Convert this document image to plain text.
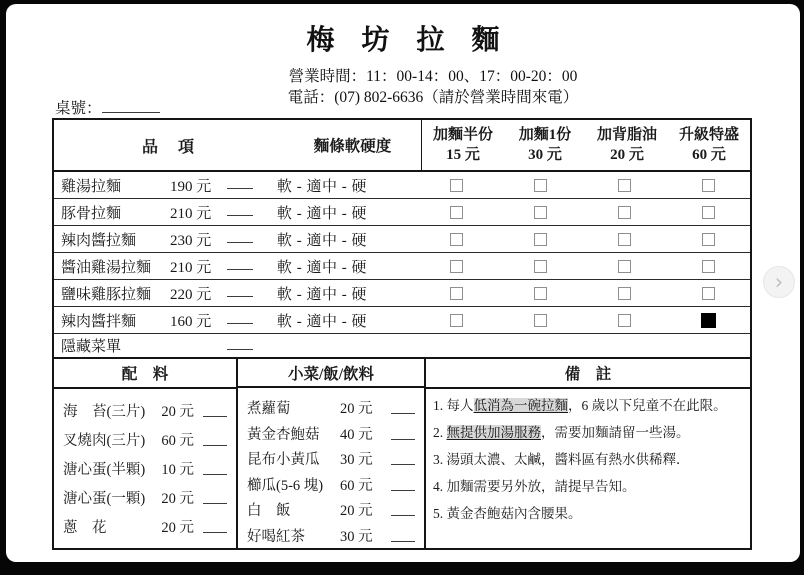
梅 坊 拉 麵
營業時間：11：00-14：00、17：00-20：00
電話：(07) 802-6636（請於營業時間來電）
桌號：
品　項	麵條軟硬度
加麵半份
15 元
加麵1份
30 元
加背脂油
20 元
升級特盛
60 元
雞湯拉麵	190 元	軟 - 適中 - 硬
豚骨拉麵	210 元	軟 - 適中 - 硬
辣肉醬拉麵	230 元	軟 - 適中 - 硬
醬油雞湯拉麵	210 元	軟 - 適中 - 硬
鹽味雞豚拉麵	220 元	軟 - 適中 - 硬
辣肉醬拌麵	160 元	軟 - 適中 - 硬
隱藏菜單
配　料
海　苔(三片)	20 元
叉燒肉(三片)	60 元
溏心蛋(半顆)	10 元
溏心蛋(一顆)	20 元
蔥　花	20 元
小菜/飯/飲料
煮蘿蔔	20 元
黃金杏鮑菇	40 元
昆布小黃瓜	30 元
櫛瓜(5-6 塊)	60 元
白　飯	20 元
好喝紅茶	30 元
備　註
1. 每人低消為一碗拉麵，6 歲以下兒童不在此限。
2. 無提供加湯服務，需要加麵請留一些湯。
3. 湯頭太濃、太鹹，醬料區有熱水供稀釋．
4. 加麵需要另外放，請提早告知。
5. 黃金杏鮑菇內含腰果。
›
